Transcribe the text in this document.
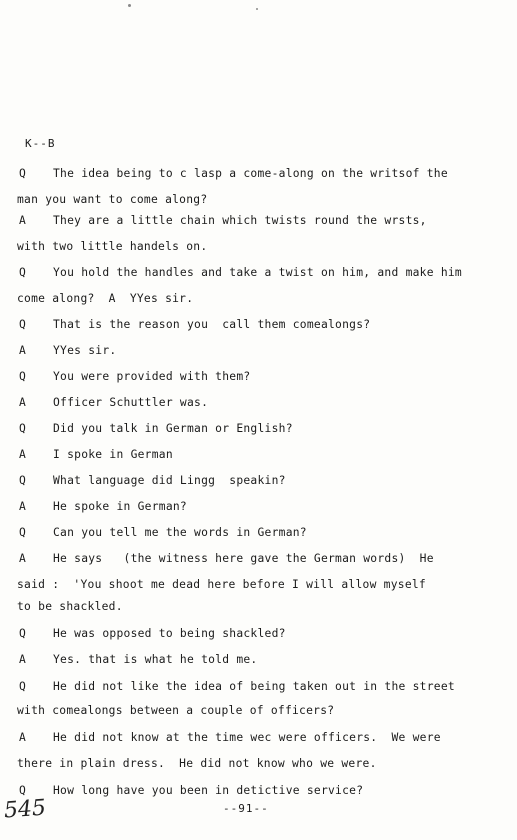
K--B
Q The idea being to c lasp a come-along on the writsof the
man you want to come along?
A They are a little chain which twists round the wrsts,
with two little handels on.
Q You hold the handles and take a twist on him, and make him
come along?  A  YYes sir.
Q That is the reason you  call them comealongs?
A YYes sir.
Q You were provided with them?
A Officer Schuttler was.
Q Did you talk in German or English?
A I spoke in German
Q What language did Lingg  speakin?
A He spoke in German?
Q Can you tell me the words in German?
A He says   (the witness here gave the German words)  He
said :  'You shoot me dead here before I will allow myself
to be shackled.
Q He was opposed to being shackled?
A Yes. that is what he told me.
Q He did not like the idea of being taken out in the street
with comealongs between a couple of officers?
A He did not know at the time wec were officers.  We were
there in plain dress.  He did not know who we were.
Q How long have you been in detictive service?
--91--
545
